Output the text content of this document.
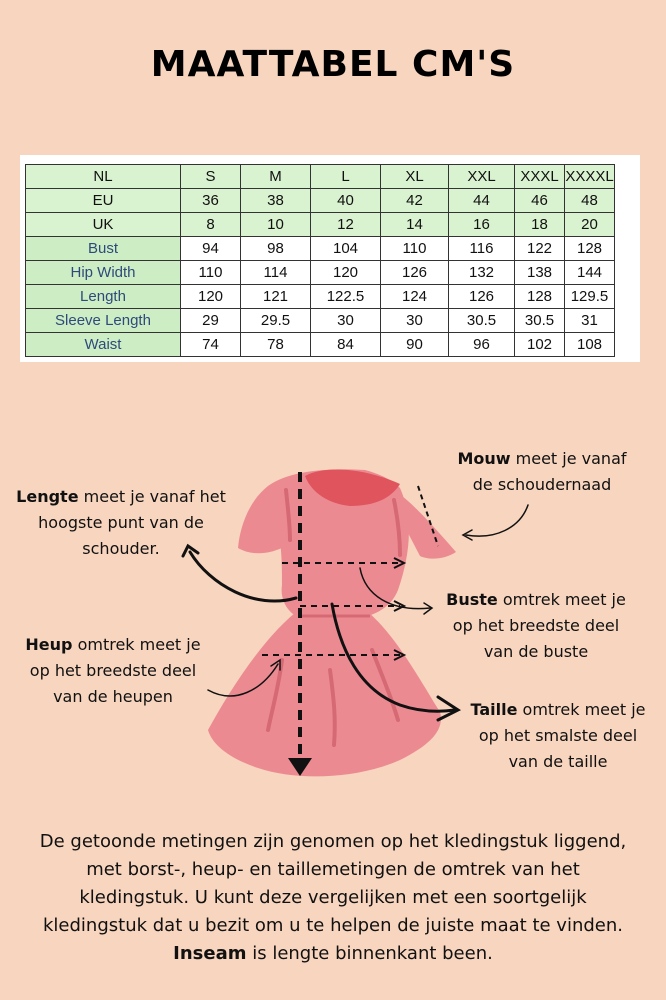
MAATTABEL CM'S
NL	S	M	L	XL	XXL	XXXL	XXXXL
EU	36	38	40	42	44	46	48
UK	8	10	12	14	16	18	20
Bust	94	98	104	110	116	122	128
Hip Width	110	114	120	126	132	138	144
Length	120	121	122.5	124	126	128	129.5
Sleeve Length	29	29.5	30	30	30.5	30.5	31
Waist	74	78	84	90	96	102	108
Lengte meet je vanaf het
hoogste punt van de
schouder.
Mouw meet je vanaf
de schoudernaad
Buste omtrek meet je
op het breedste deel
van de buste
Heup omtrek meet je
op het breedste deel
van de heupen
Taille omtrek meet je
op het smalste deel
van de taille
De getoonde metingen zijn genomen op het kledingstuk liggend, met borst-, heup- en taillemetingen de omtrek van het kledingstuk. U kunt deze vergelijken met een soortgelijk kledingstuk dat u bezit om u te helpen de juiste maat te vinden. Inseam is lengte binnenkant been.
